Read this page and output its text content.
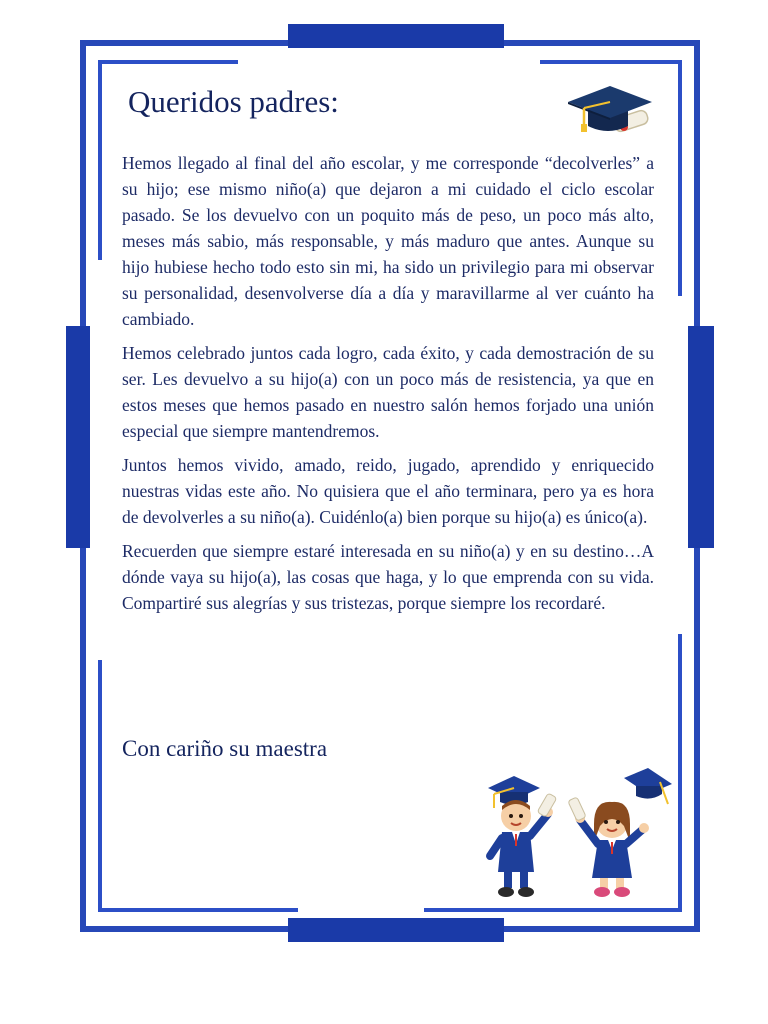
Queridos padres:

Hemos llegado al final del año escolar, y me corresponde “decolverles” a su hijo; ese mismo niño(a) que dejaron a mi cuidado el ciclo escolar pasado. Se los devuelvo con un poquito más de peso, un poco más alto, meses más sabio, más responsable, y más maduro que antes. Aunque su hijo hubiese hecho todo esto sin mi, ha sido un privilegio para mi observar su personalidad, desenvolverse día a día y maravillarme al ver cuánto ha cambiado.

Hemos celebrado juntos cada logro, cada éxito, y cada demostración de su ser. Les devuelvo a su hijo(a) con un poco más de resistencia, ya que en estos meses que hemos pasado en nuestro salón hemos forjado una unión especial que siempre mantendremos.

Juntos hemos vivido, amado, reido, jugado, aprendido y enriquecido nuestras vidas este año. No quisiera que el año terminara, pero ya es hora de devolverles a su niño(a). Cuidénlo(a) bien porque su hijo(a) es único(a).

Recuerden que siempre estaré interesada en su niño(a) y en su destino…A dónde vaya su hijo(a), las cosas que haga, y lo que emprenda con su vida. Compartiré sus alegrías y sus tristezas, porque siempre los recordaré.

Con cariño su maestra
